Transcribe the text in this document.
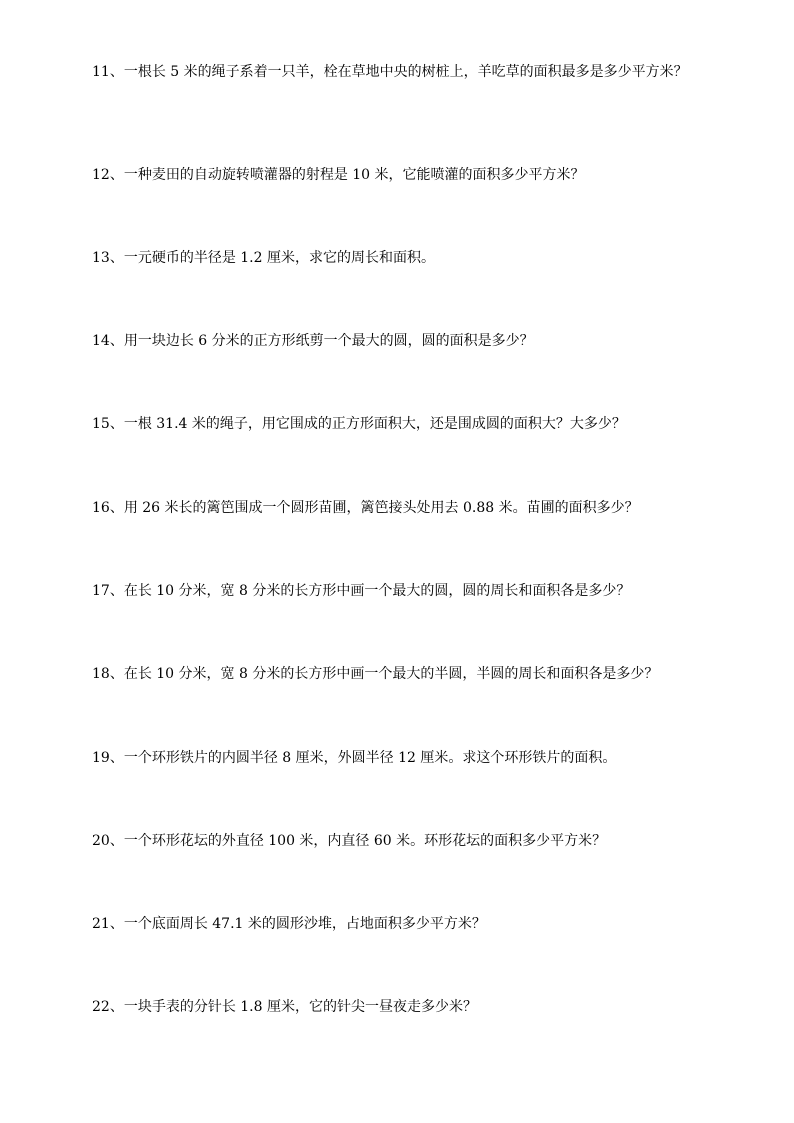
11、一根长 5 米的绳子系着一只羊，栓在草地中央的树桩上，羊吃草的面积最多是多少平方米？

12、一种麦田的自动旋转喷灌器的射程是 10 米，它能喷灌的面积多少平方米？

13、一元硬币的半径是 1.2 厘米，求它的周长和面积。

14、用一块边长 6 分米的正方形纸剪一个最大的圆，圆的面积是多少？

15、一根 31.4 米的绳子，用它围成的正方形面积大，还是围成圆的面积大？大多少？

16、用 26 米长的篱笆围成一个圆形苗圃，篱笆接头处用去 0.88 米。苗圃的面积多少？

17、在长 10 分米，宽 8 分米的长方形中画一个最大的圆，圆的周长和面积各是多少？

18、在长 10 分米，宽 8 分米的长方形中画一个最大的半圆，半圆的周长和面积各是多少？

19、一个环形铁片的内圆半径 8 厘米，外圆半径 12 厘米。求这个环形铁片的面积。

20、一个环形花坛的外直径 100 米，内直径 60 米。环形花坛的面积多少平方米？

21、一个底面周长 47.1 米的圆形沙堆，占地面积多少平方米？

22、一块手表的分针长 1.8 厘米，它的针尖一昼夜走多少米？
